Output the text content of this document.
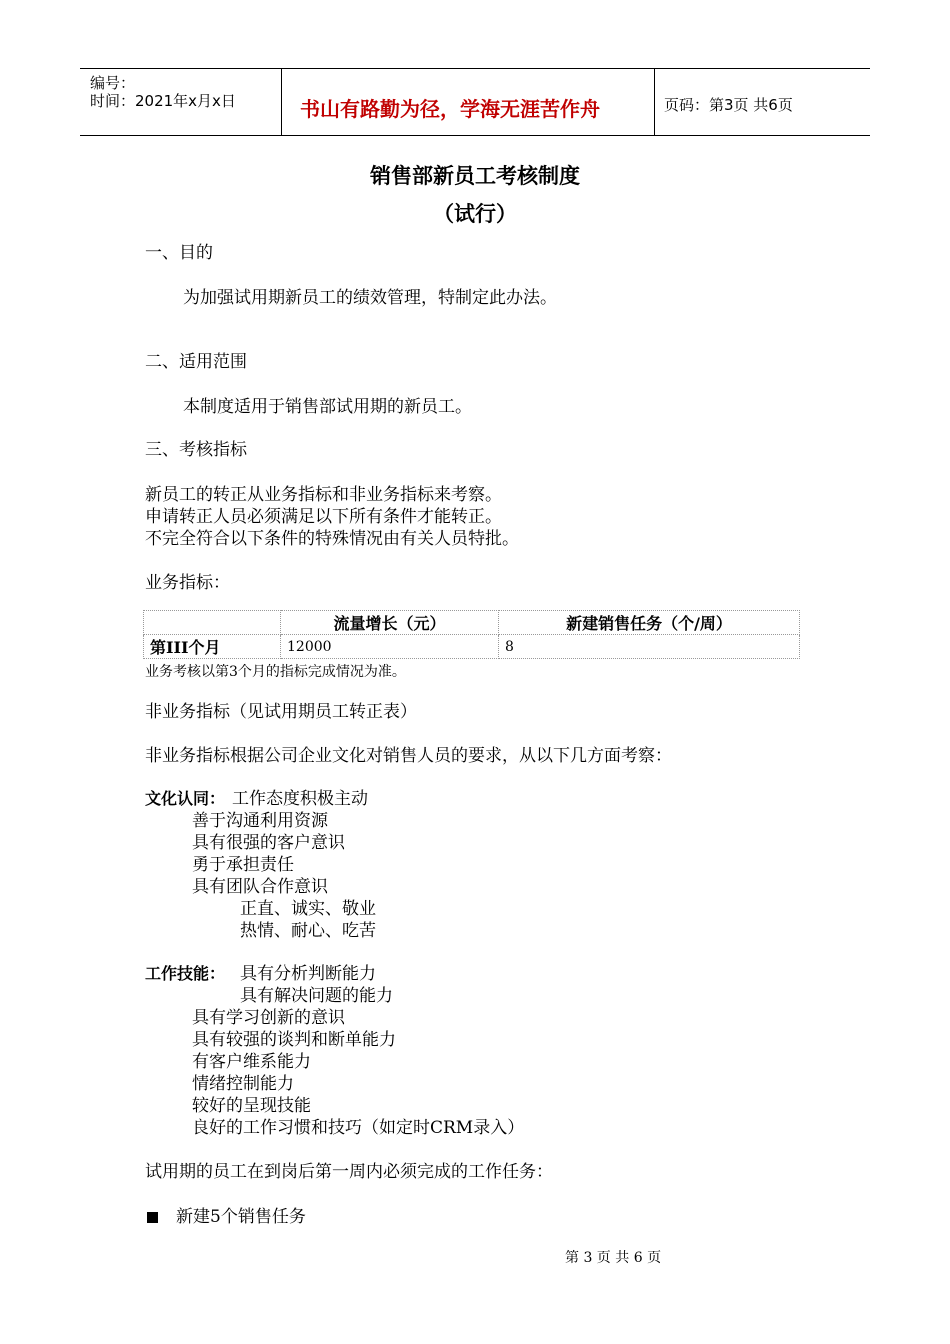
编号：
时间：2021年x月x日	书山有路勤为径，学海无涯苦作舟	页码：第3页 共6页
销售部新员工考核制度
（试行）
一、目的
为加强试用期新员工的绩效管理，特制定此办法。
二、适用范围
本制度适用于销售部试用期的新员工。
三、考核指标
新员工的转正从业务指标和非业务指标来考察。
申请转正人员必须满足以下所有条件才能转正。
不完全符合以下条件的特殊情况由有关人员特批。
业务指标：
	流量增长（元）	新建销售任务（个/周）
第III个月	12000	8
业务考核以第3个月的指标完成情况为准。
非业务指标（见试用期员工转正表）
非业务指标根据公司企业文化对销售人员的要求，从以下几方面考察：
文化认同： 工作态度积极主动
善于沟通利用资源
具有很强的客户意识
勇于承担责任
具有团队合作意识
正直、诚实、敬业
热情、耐心、吃苦
工作技能： 具有分析判断能力
具有解决问题的能力
具有学习创新的意识
具有较强的谈判和断单能力
有客户维系能力
情绪控制能力
较好的呈现技能
良好的工作习惯和技巧（如定时CRM录入）
试用期的员工在到岗后第一周内必须完成的工作任务：
新建5个销售任务
第 3 页 共 6 页
